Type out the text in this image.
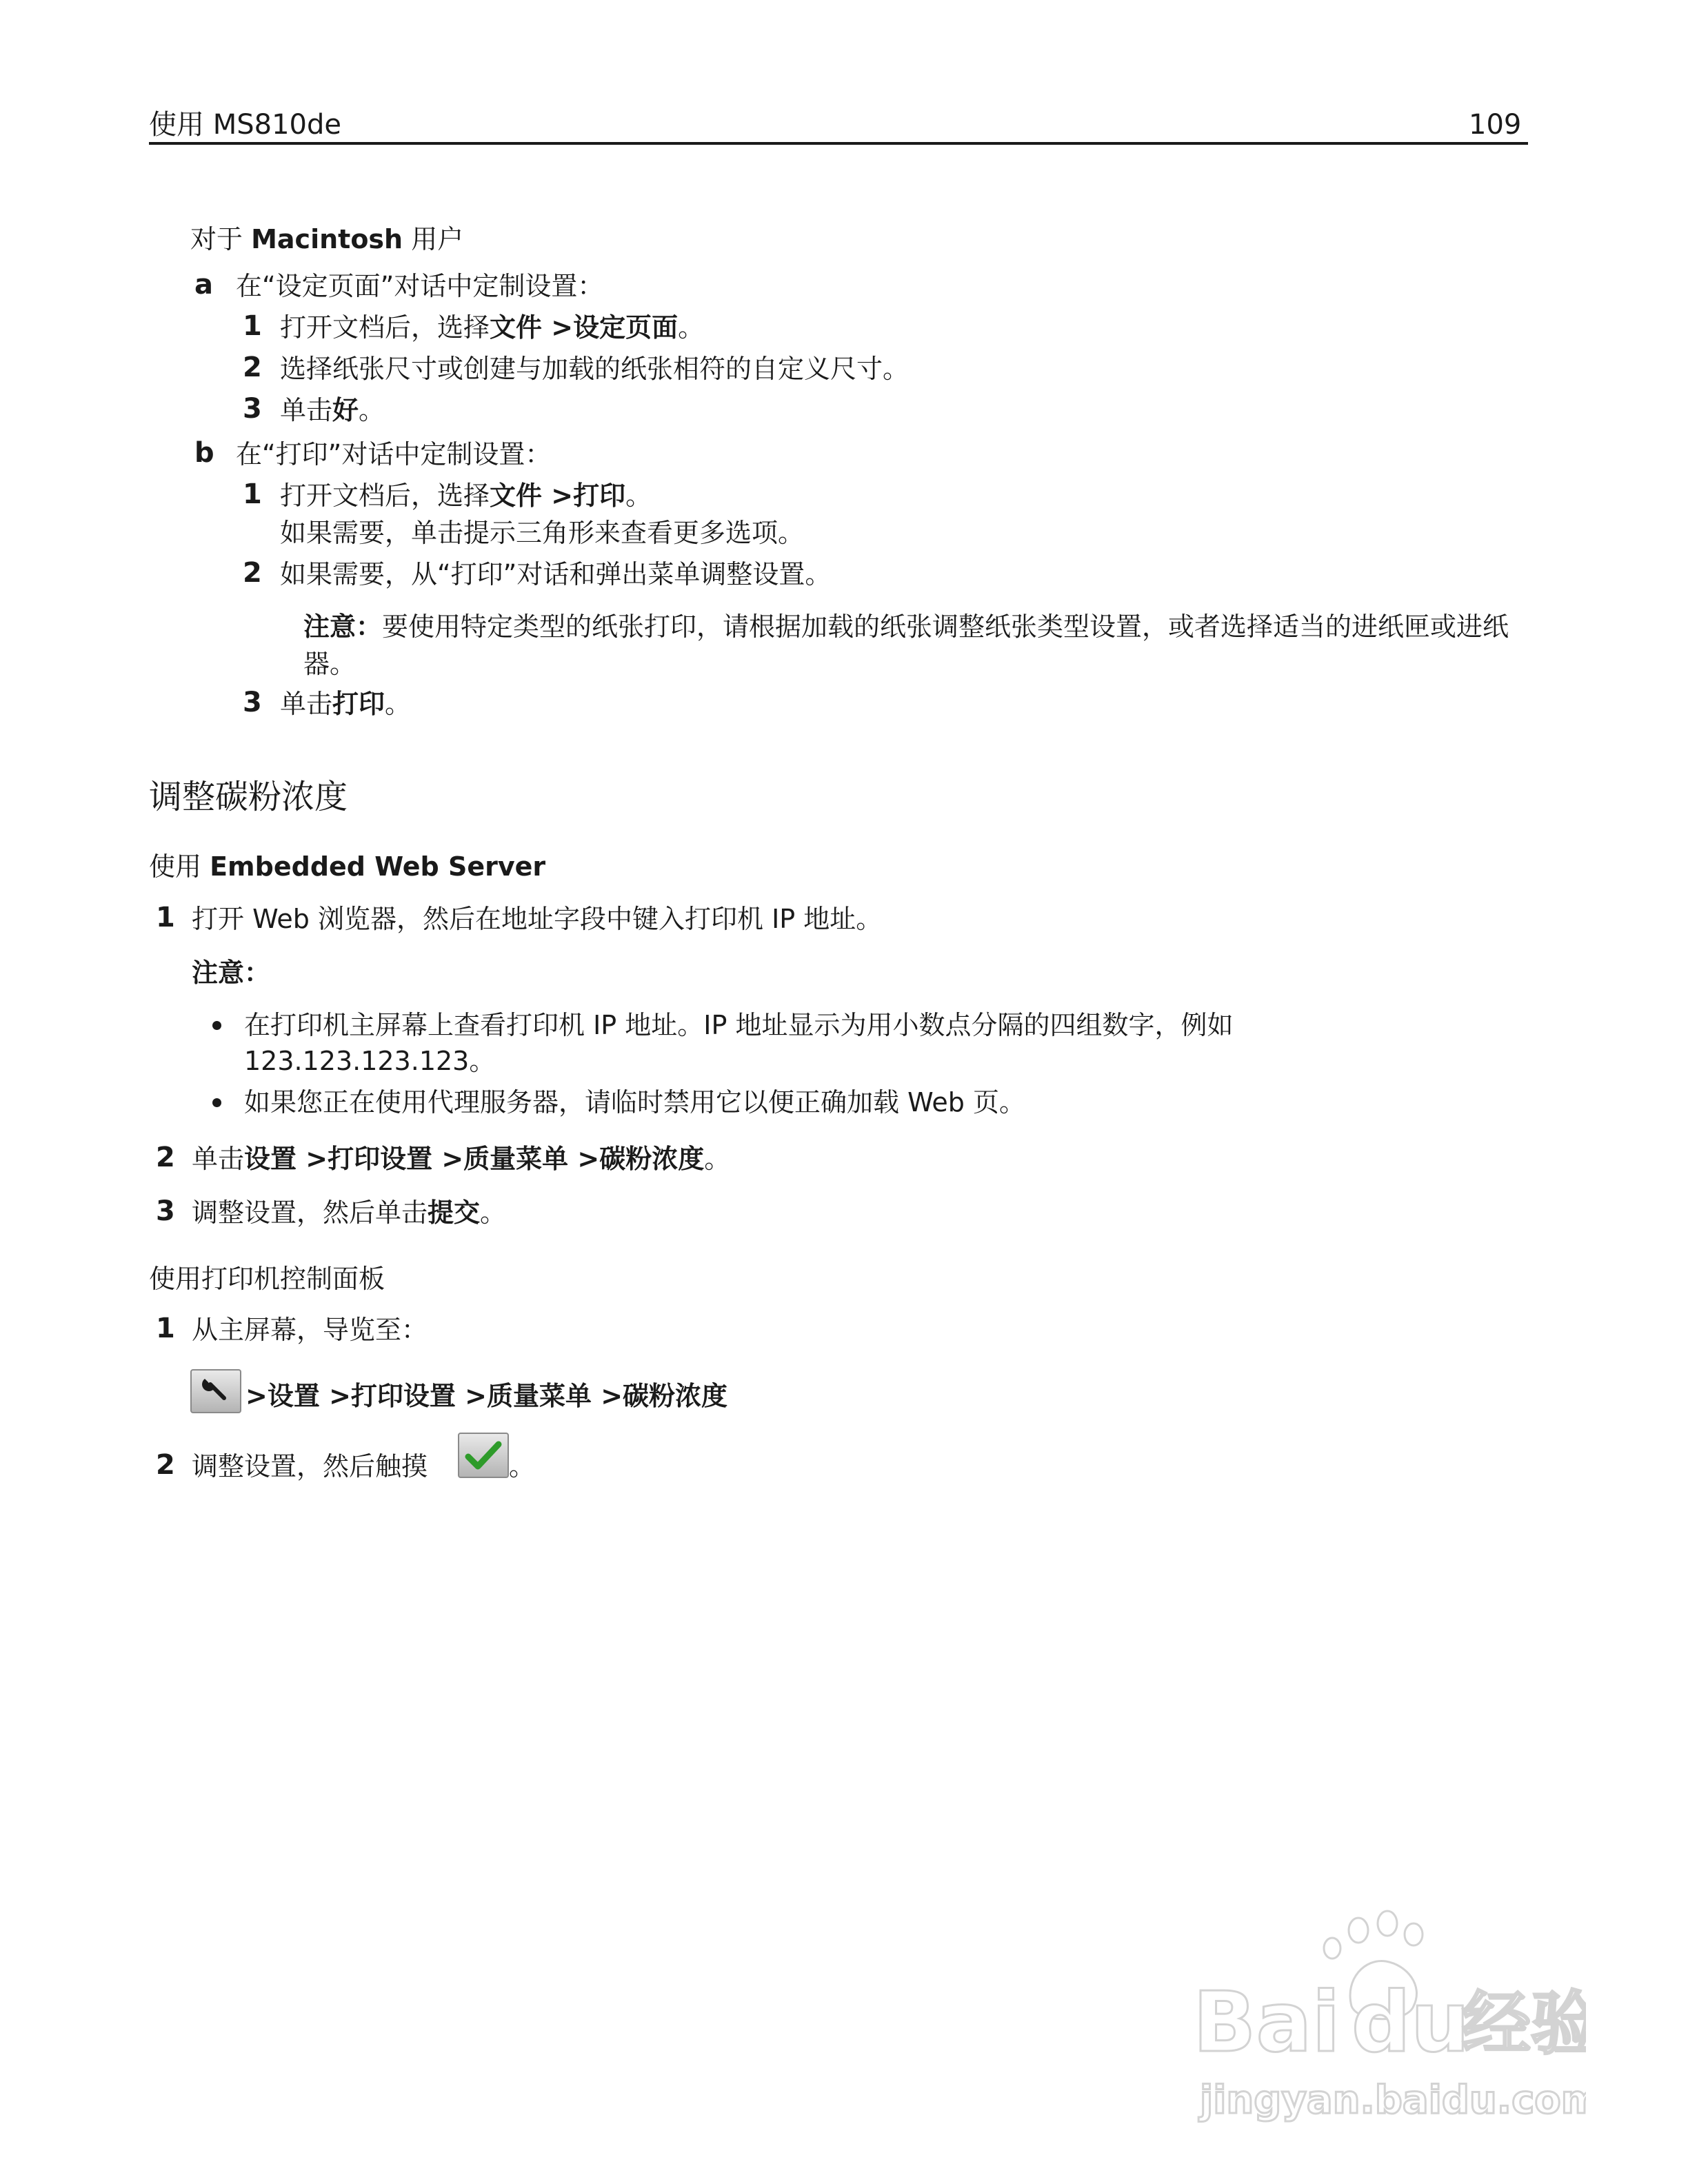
使用 MS810de	109
对于 Macintosh 用户
a 在“设定页面”对话中定制设置：
1 打开文档后，选择文件 >设定页面。
2 选择纸张尺寸或创建与加载的纸张相符的自定义尺寸。
3 单击好。
b 在“打印”对话中定制设置：
1 打开文档后，选择文件 >打印。
如果需要，单击提示三角形来查看更多选项。
2 如果需要，从“打印”对话和弹出菜单调整设置。
注意：要使用特定类型的纸张打印，请根据加载的纸张调整纸张类型设置，或者选择适当的进纸匣或进纸器。
3 单击打印。
调整碳粉浓度
使用 Embedded Web Server
1 打开 Web 浏览器，然后在地址字段中键入打印机 IP 地址。
注意：
在打印机主屏幕上查看打印机 IP 地址。IP 地址显示为用小数点分隔的四组数字，例如
123.123.123.123。
如果您正在使用代理服务器，请临时禁用它以便正确加载 Web 页。
2 单击设置 >打印设置 >质量菜单 >碳粉浓度。
3 调整设置，然后单击提交。
使用打印机控制面板
1 从主屏幕，导览至：
>设置 >打印设置 >质量菜单 >碳粉浓度
2 调整设置，然后触摸	。
Bai du
经验
jingyan.baidu.com
